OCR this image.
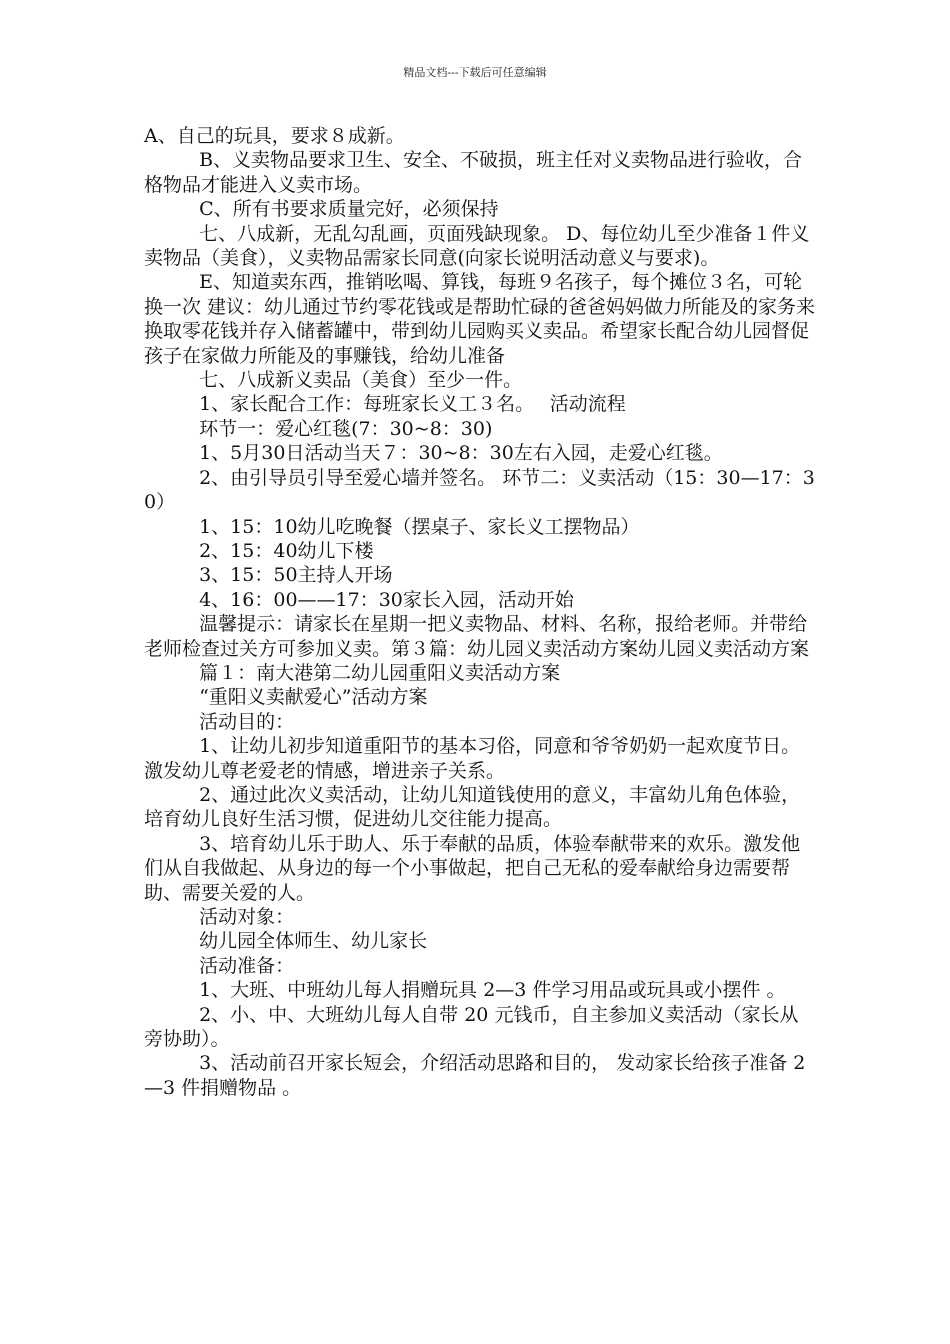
精品文档---下载后可任意编辑

A、自己的玩具，要求８成新。

B、义卖物品要求卫生、安全、不破损，班主任对义卖物品进行验收，合格物品才能进入义卖市场。

C、所有书要求质量完好，必须保持

七、八成新，无乱勾乱画，页面残缺现象。 D、每位幼儿至少准备１件义卖物品（美食），义卖物品需家长同意(向家长说明活动意义与要求)。

E、知道卖东西，推销吆喝、算钱，每班９名孩子，每个摊位３名，可轮换一次 建议：幼儿通过节约零花钱或是帮助忙碌的爸爸妈妈做力所能及的家务来换取零花钱并存入储蓄罐中，带到幼儿园购买义卖品。希望家长配合幼儿园督促孩子在家做力所能及的事赚钱，给幼儿准备

七、八成新义卖品（美食）至少一件。

1、家长配合工作：每班家长义工３名。　 活动流程

环节一：爱心红毯(7：30~8：30)

1、5月30日活动当天７：30~8：30左右入园，走爱心红毯。

2、由引导员引导至爱心墙并签名。 环节二：义卖活动（15：30—17：30）

1、15：10幼儿吃晚餐（摆桌子、家长义工摆物品）

2、15：40幼儿下楼

3、15：50主持人开场

4、16：00——17：30家长入园，活动开始

温馨提示：请家长在星期一把义卖物品、材料、名称，报给老师。并带给老师检查过关方可参加义卖。第３篇：幼儿园义卖活动方案幼儿园义卖活动方案

篇１：南大港第二幼儿园重阳义卖活动方案

“重阳义卖献爱心”活动方案

活动目的：

1、让幼儿初步知道重阳节的基本习俗，同意和爷爷奶奶一起欢度节日。激发幼儿尊老爱老的情感，增进亲子关系。

2、通过此次义卖活动，让幼儿知道钱使用的意义，丰富幼儿角色体验，培育幼儿良好生活习惯，促进幼儿交往能力提高。

3、培育幼儿乐于助人、乐于奉献的品质，体验奉献带来的欢乐。激发他们从自我做起、从身边的每一个小事做起，把自己无私的爱奉献给身边需要帮助、需要关爱的人。

活动对象：

幼儿园全体师生、幼儿家长

活动准备：

1、大班、中班幼儿每人捐赠玩具 2—3 件学习用品或玩具或小摆件 。

2、小、中、大班幼儿每人自带 20 元钱币，自主参加义卖活动（家长从旁协助）。

3、活动前召开家长短会，介绍活动思路和目的， 发动家长给孩子准备 2—3 件捐赠物品 。
